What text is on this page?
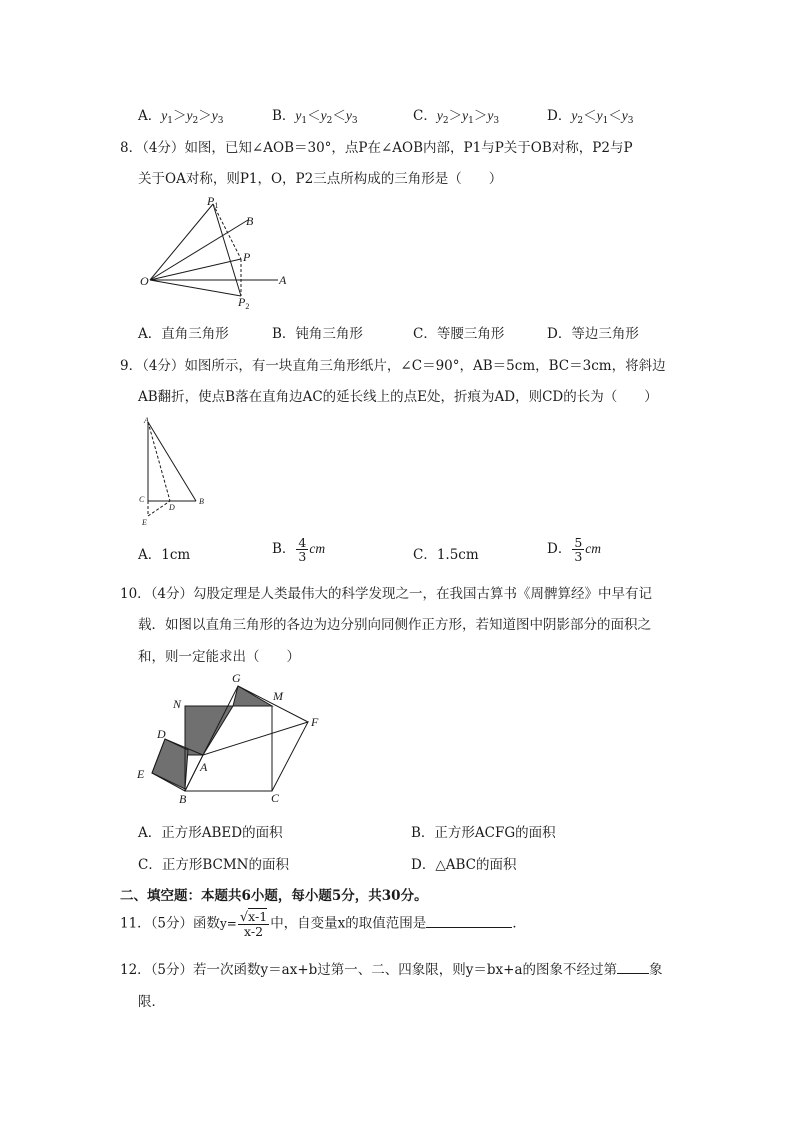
A．$y_1>y_2>y_3$	B．$y_1<y_2<y_3$	C．$y_2>y_1>y_3$	D．$y_2<y_1<y_3$
8．（4分）如图，已知∠AOB＝30°，点P在∠AOB内部，P1与P关于OB对称，P2与P
关于OA对称，则P1，O，P2三点所构成的三角形是（　　）
O	A
B
P
$P_1$
$P_2$
A．直角三角形	B．钝角三角形	C．等腰三角形	D．等边三角形
9．（4分）如图所示，有一块直角三角形纸片，∠C＝90°，AB＝5cm，BC＝3cm，将斜边
AB翻折，使点B落在直角边AC的延长线上的点E处，折痕为AD，则CD的长为（　　）
A
B
C
D
E
A．1cm	B． $\frac{4}{3}$ cm	C．1.5cm	D． $\frac{5}{3}$ cm
10．（4分）勾股定理是人类最伟大的科学发现之一，在我国古算书《周髀算经》中早有记
载．如图以直角三角形的各边为边分别向同侧作正方形，若知道图中阴影部分的面积之
和，则一定能求出（　　）
N
G
M
F
D
E	A
B	C
A．正方形ABED的面积	B．正方形ACFG的面积
C．正方形BCMN的面积	D．△ABC的面积
二、填空题：本题共6小题，每小题5分，共30分。
11．（5分）函数$y= \frac{√x-1}{x-2}$ 中，自变量x的取值范围是	．
12．（5分）若一次函数y＝ax+b过第一、二、四象限，则y＝bx+a的图象不经过第 象
限．
